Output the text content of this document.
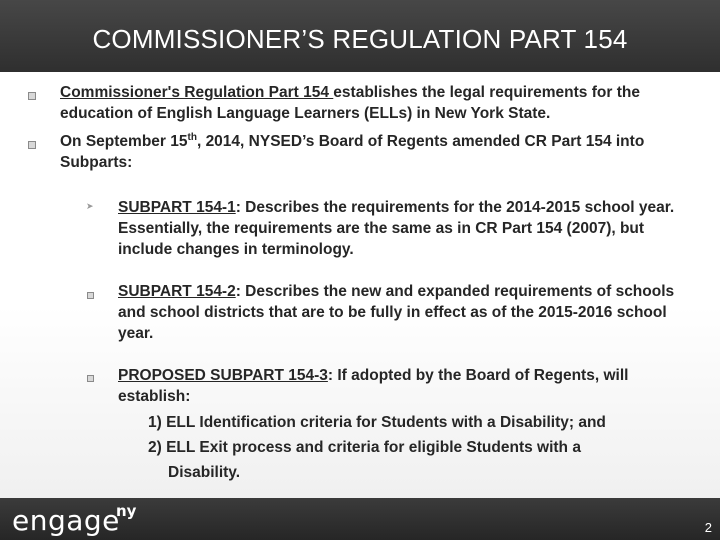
COMMISSIONER’S REGULATION PART 154
Commissioner's Regulation Part 154 establishes the legal requirements for the education of English Language Learners (ELLs) in New York State.
On September 15th, 2014, NYSED’s Board of Regents amended CR Part 154 into Subparts:
➤ SUBPART 154-1: Describes the requirements for the 2014-2015 school year. Essentially, the requirements are the same as in CR Part 154 (2007), but include changes in terminology.
SUBPART 154-2: Describes the new and expanded requirements of schools and school districts that are to be fully in effect as of the 2015-2016 school year.
PROPOSED SUBPART 154-3: If adopted by the Board of Regents, will establish:
1) ELL Identification criteria for Students with a Disability; and
2) ELL Exit process and criteria for eligible Students with a
Disability.
engage
ny
2
